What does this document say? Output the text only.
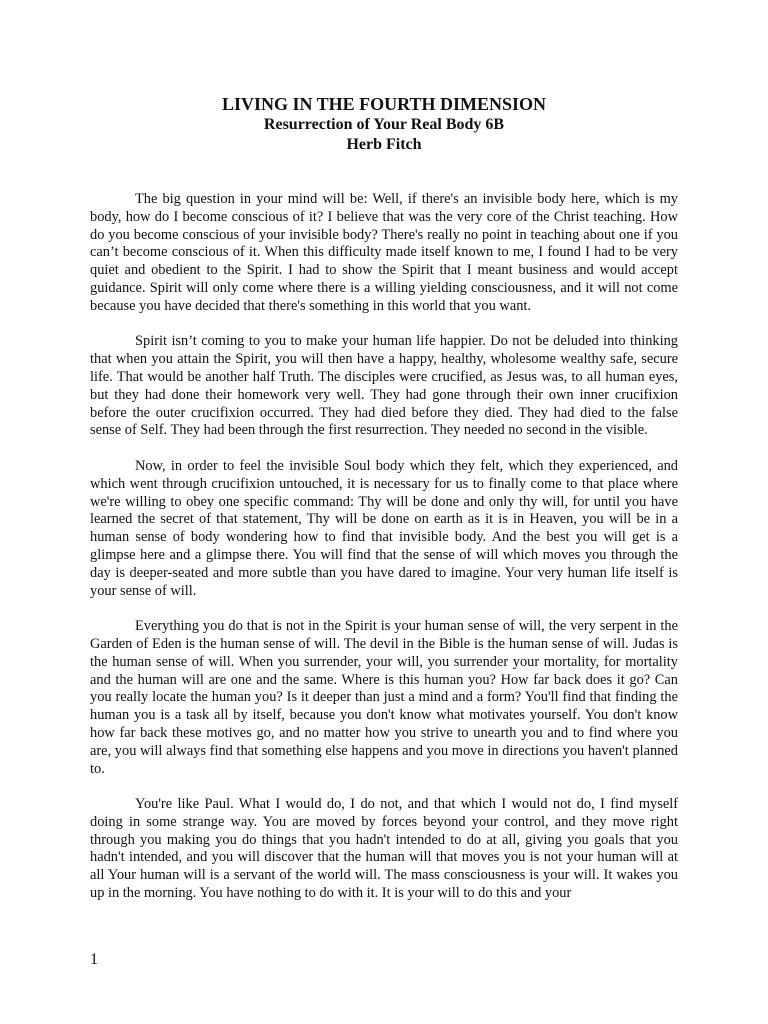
LIVING IN THE FOURTH DIMENSION
Resurrection of Your Real Body 6B
Herb Fitch

The big question in your mind will be: Well, if there's an invisible body here, which is my body, how do I become conscious of it? I believe that was the very core of the Christ teaching. How do you become conscious of your invisible body? There's really no point in teaching about one if you can’t become conscious of it. When this difficulty made itself known to me, I found I had to be very quiet and obedient to the Spirit. I had to show the Spirit that I meant business and would accept guidance. Spirit will only come where there is a willing yielding consciousness, and it will not come because you have decided that there's something in this world that you want.

Spirit isn’t coming to you to make your human life happier. Do not be deluded into thinking that when you attain the Spirit, you will then have a happy, healthy, wholesome wealthy safe, secure life. That would be another half Truth. The disciples were crucified, as Jesus was, to all human eyes, but they had done their homework very well. They had gone through their own inner crucifixion before the outer crucifixion occurred. They had died before they died. They had died to the false sense of Self. They had been through the first resurrection. They needed no second in the visible.

Now, in order to feel the invisible Soul body which they felt, which they experienced, and which went through crucifixion untouched, it is necessary for us to finally come to that place where we're willing to obey one specific command: Thy will be done and only thy will, for until you have learned the secret of that statement, Thy will be done on earth as it is in Heaven, you will be in a human sense of body wondering how to find that invisible body. And the best you will get is a glimpse here and a glimpse there. You will find that the sense of will which moves you through the day is deeper-seated and more subtle than you have dared to imagine. Your very human life itself is your sense of will.

Everything you do that is not in the Spirit is your human sense of will, the very serpent in the Garden of Eden is the human sense of will. The devil in the Bible is the human sense of will. Judas is the human sense of will. When you surrender, your will, you surrender your mortality, for mortality and the human will are one and the same. Where is this human you? How far back does it go? Can you really locate the human you? Is it deeper than just a mind and a form? You'll find that finding the human you is a task all by itself, because you don't know what motivates yourself. You don't know how far back these motives go, and no matter how you strive to unearth you and to find where you are, you will always find that something else happens and you move in directions you haven't planned to.

You're like Paul. What I would do, I do not, and that which I would not do, I find myself doing in some strange way. You are moved by forces beyond your control, and they move right through you making you do things that you hadn't intended to do at all, giving you goals that you hadn't intended, and you will discover that the human will that moves you is not your human will at all Your human will is a servant of the world will. The mass consciousness is your will. It wakes you up in the morning. You have nothing to do with it. It is your will to do this and your

1
